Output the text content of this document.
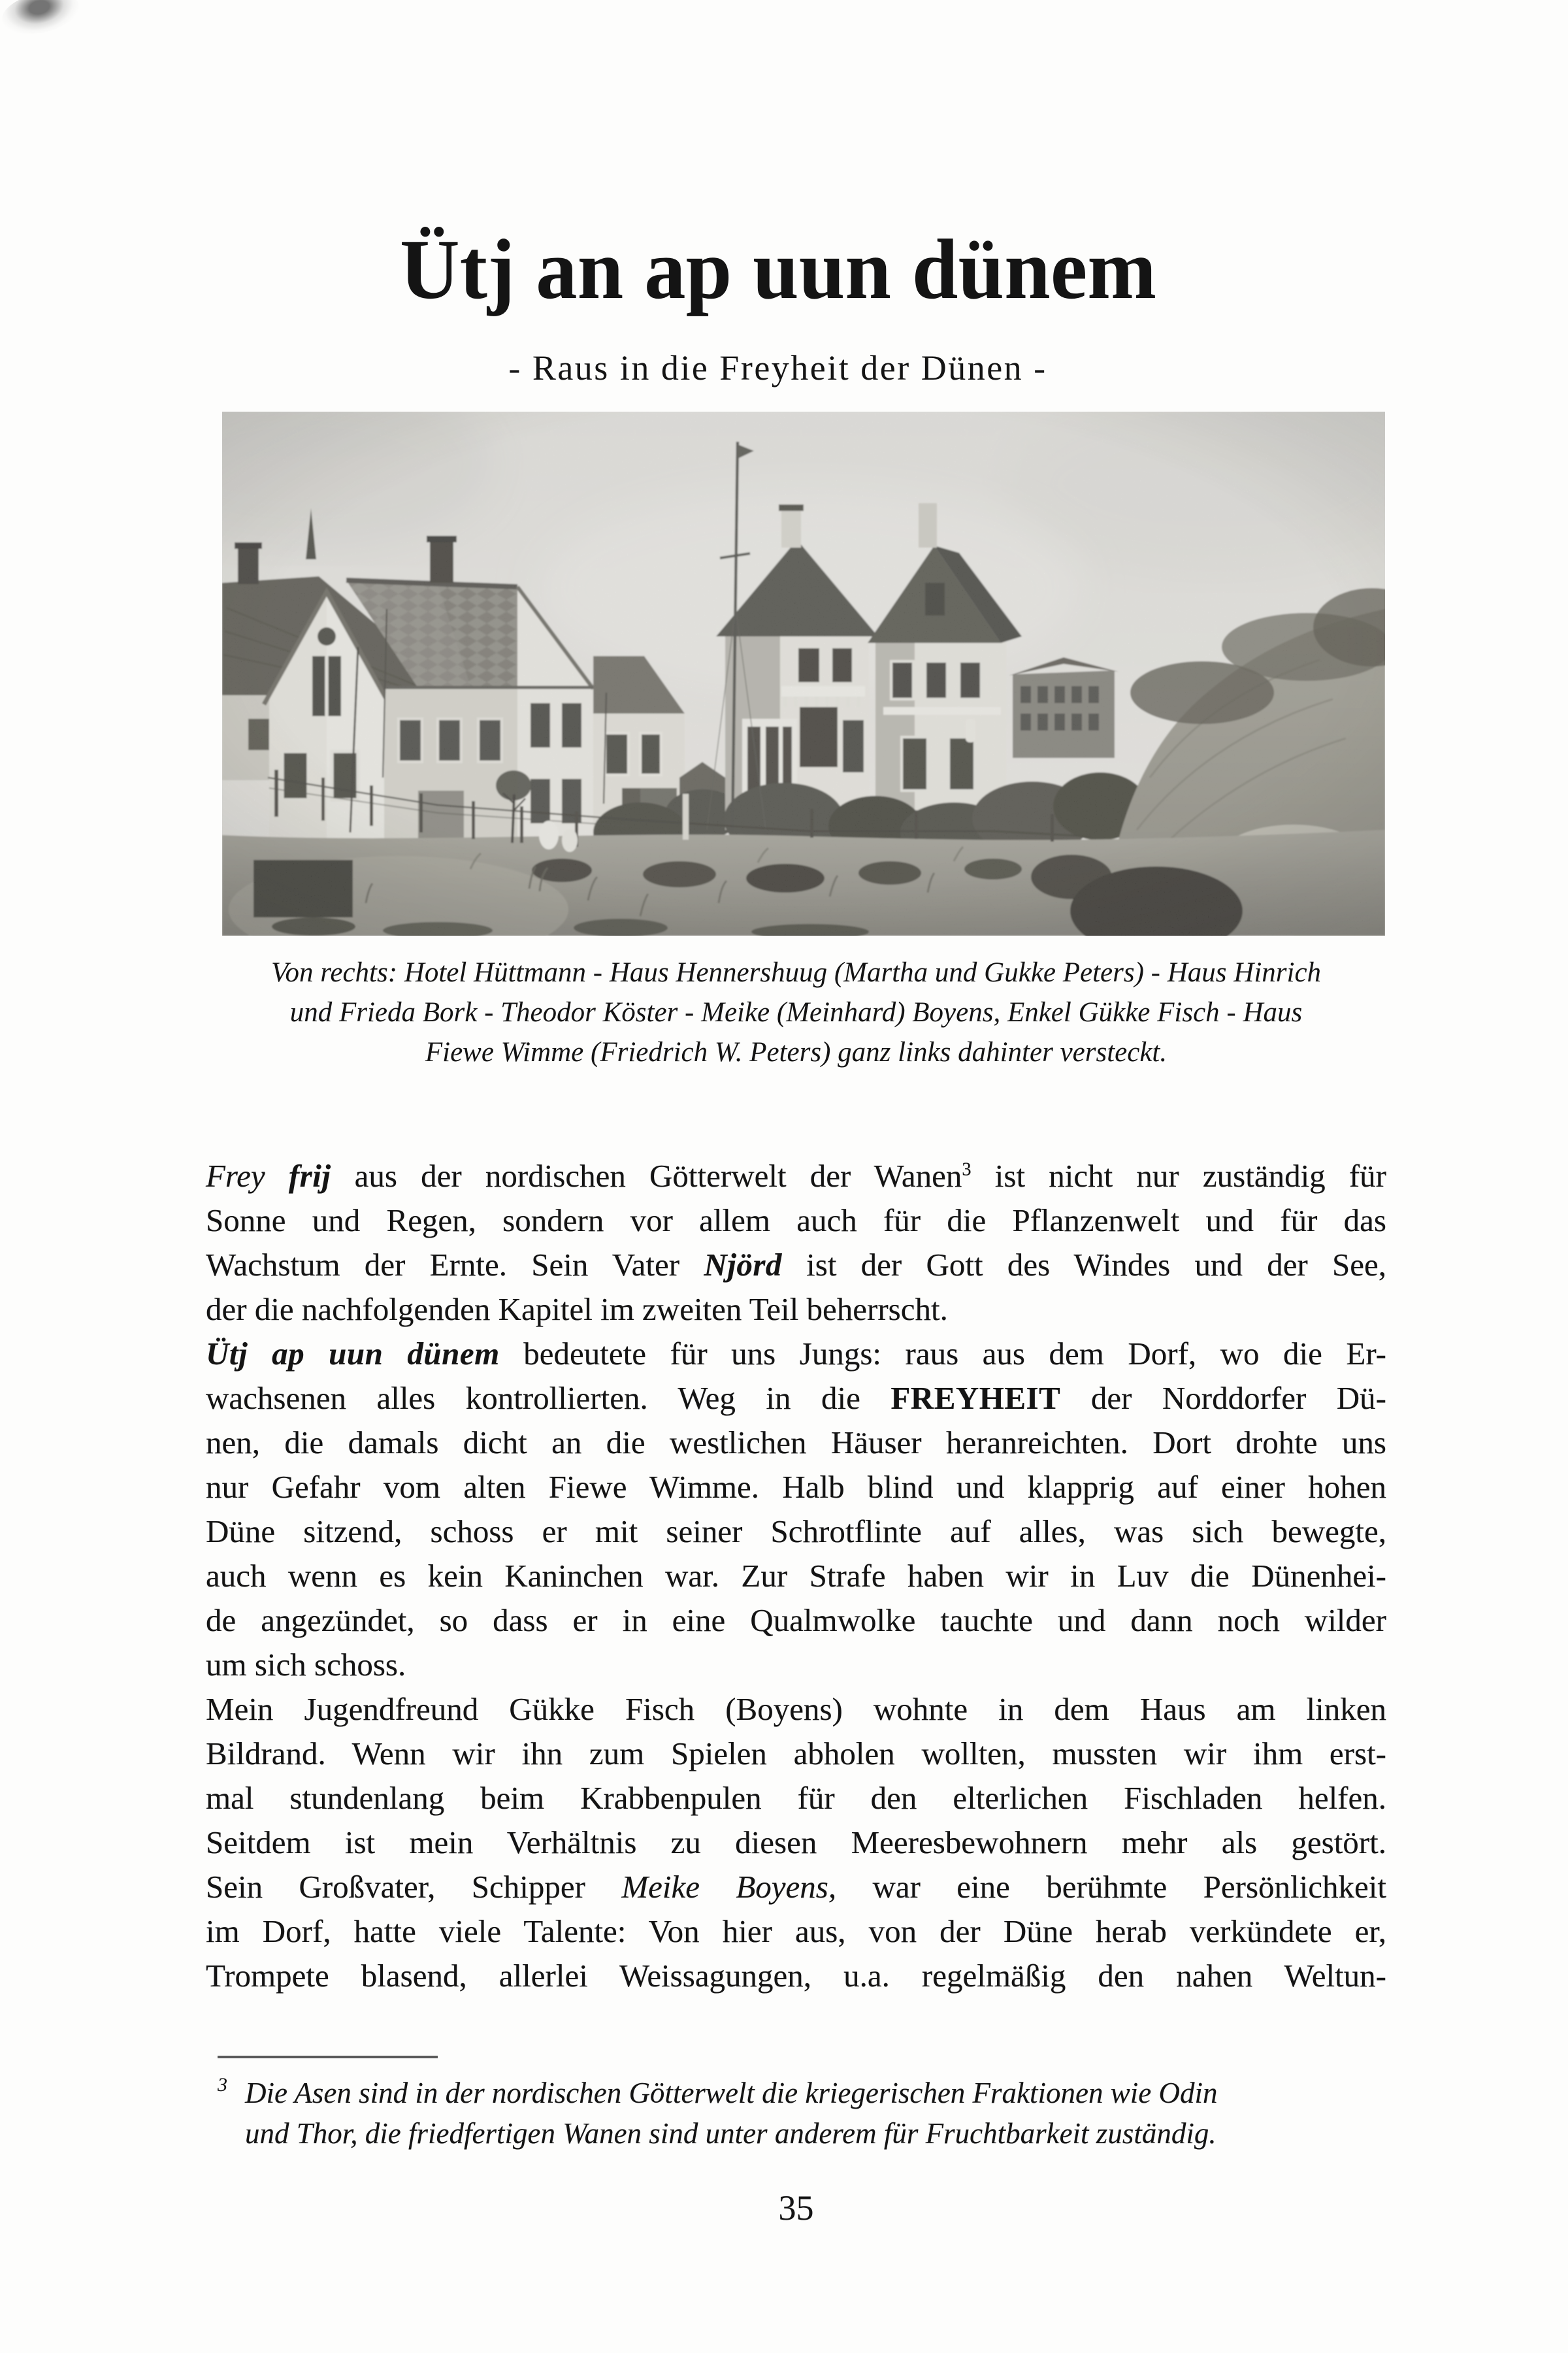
Ütj an ap uun dünem
- Raus in die Freyheit der Dünen -
Von rechts: Hotel Hüttmann - Haus Hennershuug (Martha und Gukke Peters) - Haus Hinrich
und Frieda Bork - Theodor Köster - Meike (Meinhard) Boyens, Enkel Gükke Fisch - Haus
Fiewe Wimme (Friedrich W. Peters) ganz links dahinter versteckt.
Frey frij aus der nordischen Götterwelt der Wanen$^3$ ist nicht nur zuständig für
Sonne und Regen, sondern vor allem auch für die Pflanzenwelt und für das
Wachstum der Ernte. Sein Vater Njörd ist der Gott des Windes und der See,
der die nachfolgenden Kapitel im zweiten Teil beherrscht.
Ütj ap uun dünem bedeutete für uns Jungs: raus aus dem Dorf, wo die Er-
wachsenen alles kontrollierten. Weg in die FREYHEIT der Norddorfer Dü-
nen, die damals dicht an die westlichen Häuser heranreichten. Dort drohte uns
nur Gefahr vom alten Fiewe Wimme. Halb blind und klapprig auf einer hohen
Düne sitzend, schoss er mit seiner Schrotflinte auf alles, was sich bewegte,
auch wenn es kein Kaninchen war. Zur Strafe haben wir in Luv die Dünenhei-
de angezündet, so dass er in eine Qualmwolke tauchte und dann noch wilder
um sich schoss.
Mein Jugendfreund Gükke Fisch (Boyens) wohnte in dem Haus am linken
Bildrand. Wenn wir ihn zum Spielen abholen wollten, mussten wir ihm erst-
mal stundenlang beim Krabbenpulen für den elterlichen Fischladen helfen.
Seitdem ist mein Verhältnis zu diesen Meeresbewohnern mehr als gestört.
Sein Großvater, Schipper Meike Boyens, war eine berühmte Persönlichkeit
im Dorf, hatte viele Talente: Von hier aus, von der Düne herab verkündete er,
Trompete blasend, allerlei Weissagungen, u.a. regelmäßig den nahen Weltun-
3 Die Asen sind in der nordischen Götterwelt die kriegerischen Fraktionen wie Odin
und Thor, die friedfertigen Wanen sind unter anderem für Fruchtbarkeit zuständig.
35
